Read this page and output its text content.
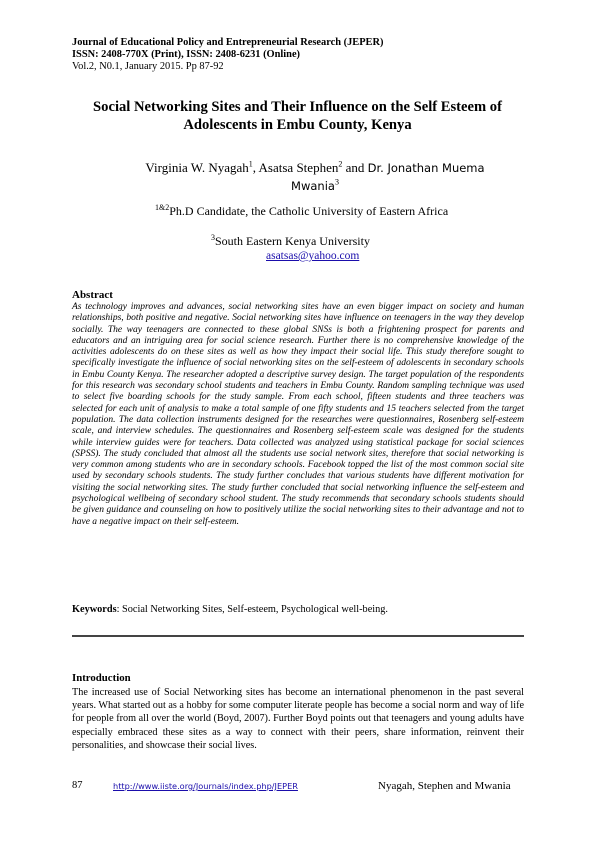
Journal of Educational Policy and Entrepreneurial Research (JEPER)
ISSN: 2408-770X (Print), ISSN: 2408-6231 (Online)
Vol.2, N0.1, January 2015. Pp 87-92
Social Networking Sites and Their Influence on the Self Esteem of Adolescents in Embu County, Kenya
Virginia W. Nyagah$^1$, Asatsa Stephen$^2$ and Dr. Jonathan Muema Mwania$^3$
$^{1\&2}$Ph.D Candidate, the Catholic University of Eastern Africa
$^3$South Eastern Kenya University
asatsas@yahoo.com
Abstract
As technology improves and advances, social networking sites have an even bigger impact on society and human relationships, both positive and negative. Social networking sites have influence on teenagers in the way they develop socially. The way teenagers are connected to these global SNSs is both a frightening prospect for parents and educators and an intriguing area for social science research. Further there is no comprehensive knowledge of the activities adolescents do on these sites as well as how they impact their social life. This study therefore sought to specifically investigate the influence of social networking sites on the self-esteem of adolescents in secondary schools in Embu County Kenya. The researcher adopted a descriptive survey design. The target population of the respondents for this research was secondary school students and teachers in Embu County. Random sampling technique was used to select five boarding schools for the study sample. From each school, fifteen students and three teachers was selected for each unit of analysis to make a total sample of one fifty students and 15 teachers selected from the target population. The data collection instruments designed for the researches were questionnaires, Rosenberg self-esteem scale, and interview schedules. The questionnaires and Rosenberg self-esteem scale was designed for the students while interview guides were for teachers. Data collected was analyzed using statistical package for social sciences (SPSS). The study concluded that almost all the students use social network sites, therefore that social networking is very common among students who are in secondary schools. Facebook topped the list of the most common social site used by secondary schools students. The study further concludes that various students have different motivation for visiting the social networking sites. The study further concluded that social networking influence the self-esteem and psychological wellbeing of secondary school student. The study recommends that secondary schools students should be given guidance and counseling on how to positively utilize the social networking sites to their advantage and not to have a negative impact on their self-esteem.
Keywords: Social Networking Sites, Self-esteem, Psychological well-being.
Introduction
The increased use of Social Networking sites has become an international phenomenon in the past several years. What started out as a hobby for some computer literate people has become a social norm and way of life for people from all over the world (Boyd, 2007). Further Boyd points out that teenagers and young adults have especially embraced these sites as a way to connect with their peers, share information, reinvent their personalities, and showcase their social lives.
87	http://www.iiste.org/Journals/index.php/JEPER	Nyagah, Stephen and Mwania
